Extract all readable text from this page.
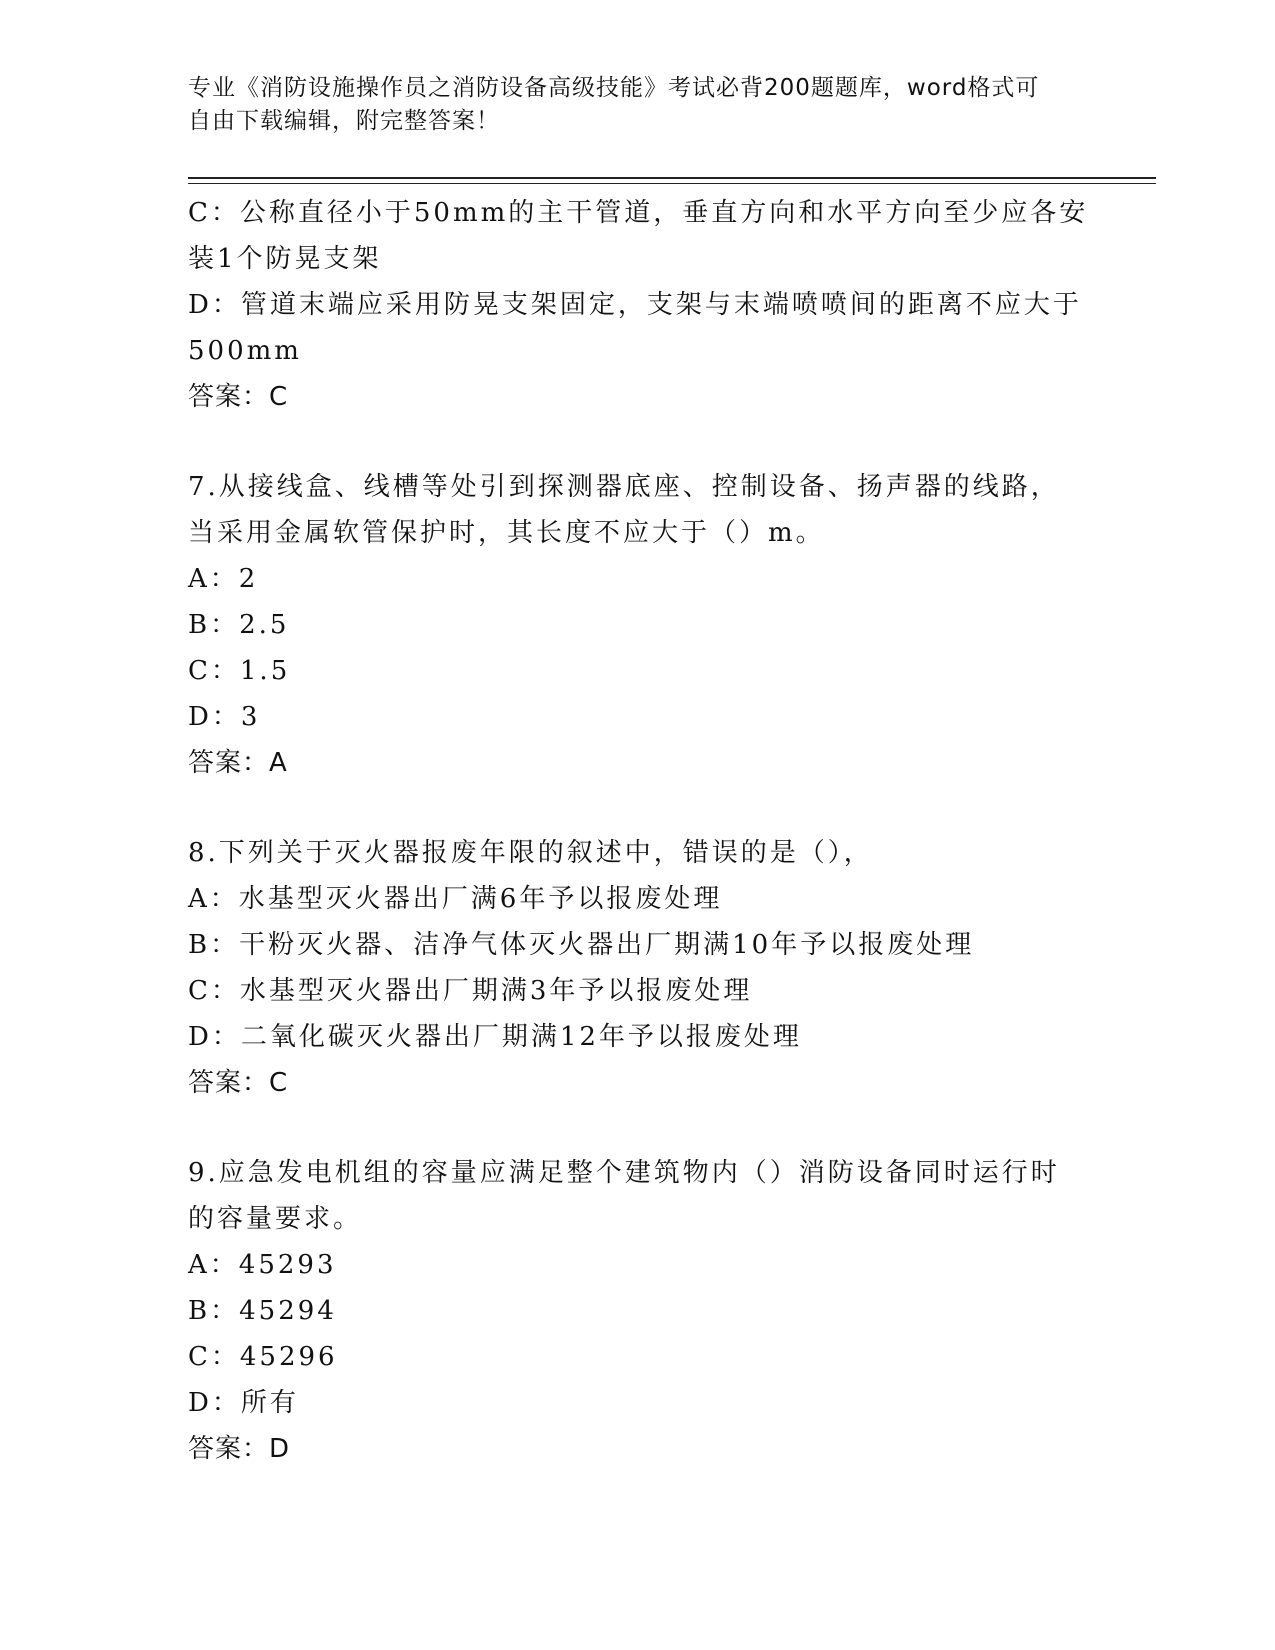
专业《消防设施操作员之消防设备高级技能》考试必背200题题库，word格式可
自由下载编辑，附完整答案！
C：公称直径小于50mm的主干管道，垂直方向和水平方向至少应各安
装1个防晃支架
D：管道末端应采用防晃支架固定，支架与末端喷喷间的距离不应大于
500mm
答案：C
7.从接线盒、线槽等处引到探测器底座、控制设备、扬声器的线路，
当采用金属软管保护时，其长度不应大于（）m。
A：2
B：2.5
C：1.5
D：3
答案：A
8.下列关于灭火器报废年限的叙述中，错误的是（），
A：水基型灭火器出厂满6年予以报废处理
B：干粉灭火器、洁净气体灭火器出厂期满10年予以报废处理
C：水基型灭火器出厂期满3年予以报废处理
D：二氧化碳灭火器出厂期满12年予以报废处理
答案：C
9.应急发电机组的容量应满足整个建筑物内（）消防设备同时运行时
的容量要求。
A：45293
B：45294
C：45296
D：所有
答案：D
